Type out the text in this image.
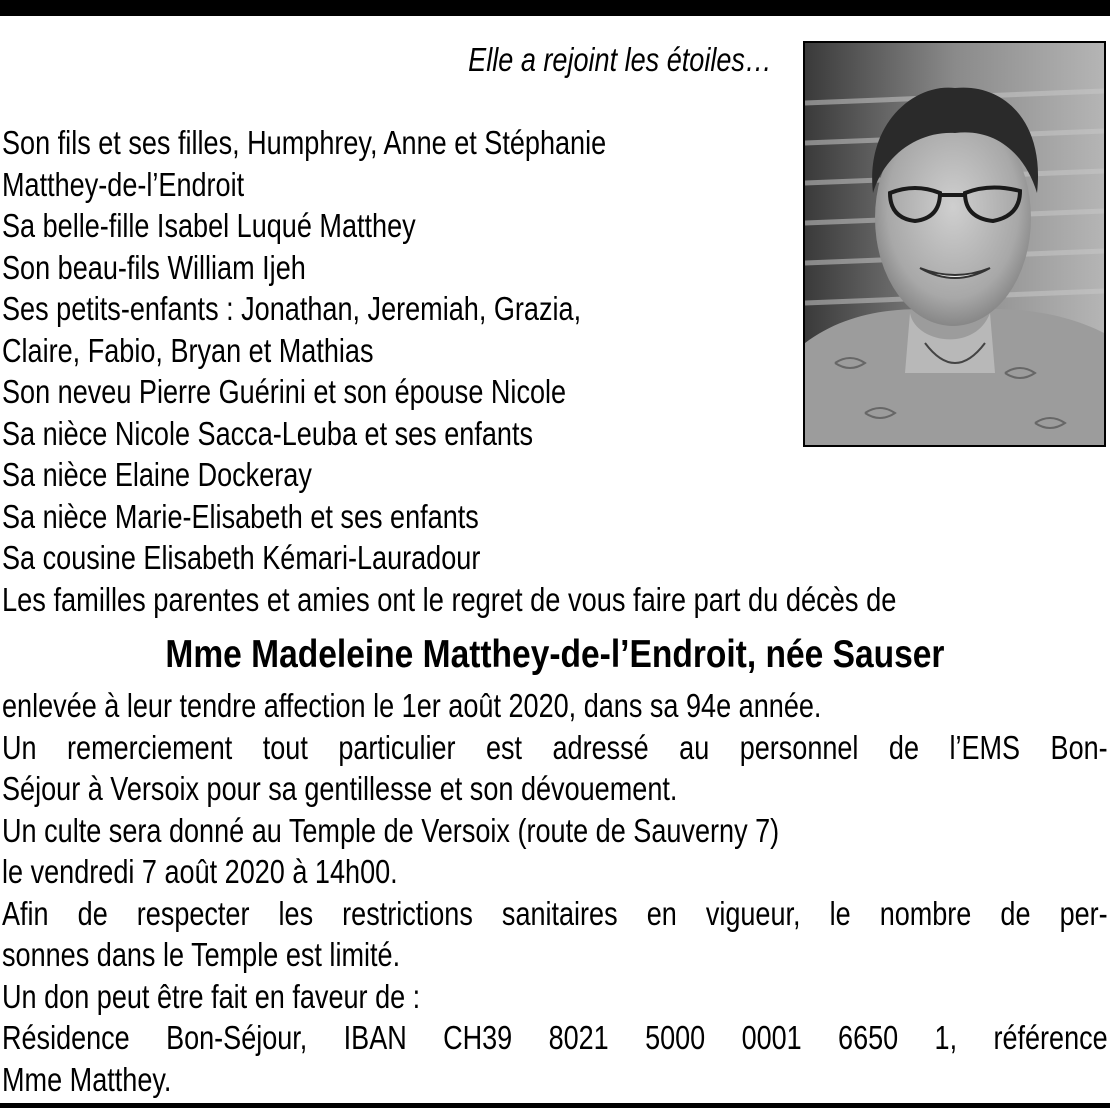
Elle a rejoint les étoiles…
Son fils et ses filles, Humphrey, Anne et Stéphanie
Matthey-de-l’Endroit
Sa belle-fille Isabel Luqué Matthey
Son beau-fils William Ijeh
Ses petits-enfants : Jonathan, Jeremiah, Grazia,
Claire, Fabio, Bryan et Mathias
Son neveu Pierre Guérini et son épouse Nicole
Sa nièce Nicole Sacca-Leuba et ses enfants
Sa nièce Elaine Dockeray
Sa nièce Marie-Elisabeth et ses enfants
Sa cousine Elisabeth Kémari-Lauradour
Les familles parentes et amies ont le regret de vous faire part du décès de
Mme Madeleine Matthey-de-l’Endroit, née Sauser
enlevée à leur tendre affection le 1er août 2020, dans sa 94e année.
Un remerciement tout particulier est adressé au personnel de l’EMS Bon-
Séjour à Versoix pour sa gentillesse et son dévouement.
Un culte sera donné au Temple de Versoix (route de Sauverny 7)
le vendredi 7 août 2020 à 14h00.
Afin de respecter les restrictions sanitaires en vigueur, le nombre de per-
sonnes dans le Temple est limité.
Un don peut être fait en faveur de :
Résidence Bon-Séjour, IBAN CH39 8021 5000 0001 6650 1, référence
Mme Matthey.
